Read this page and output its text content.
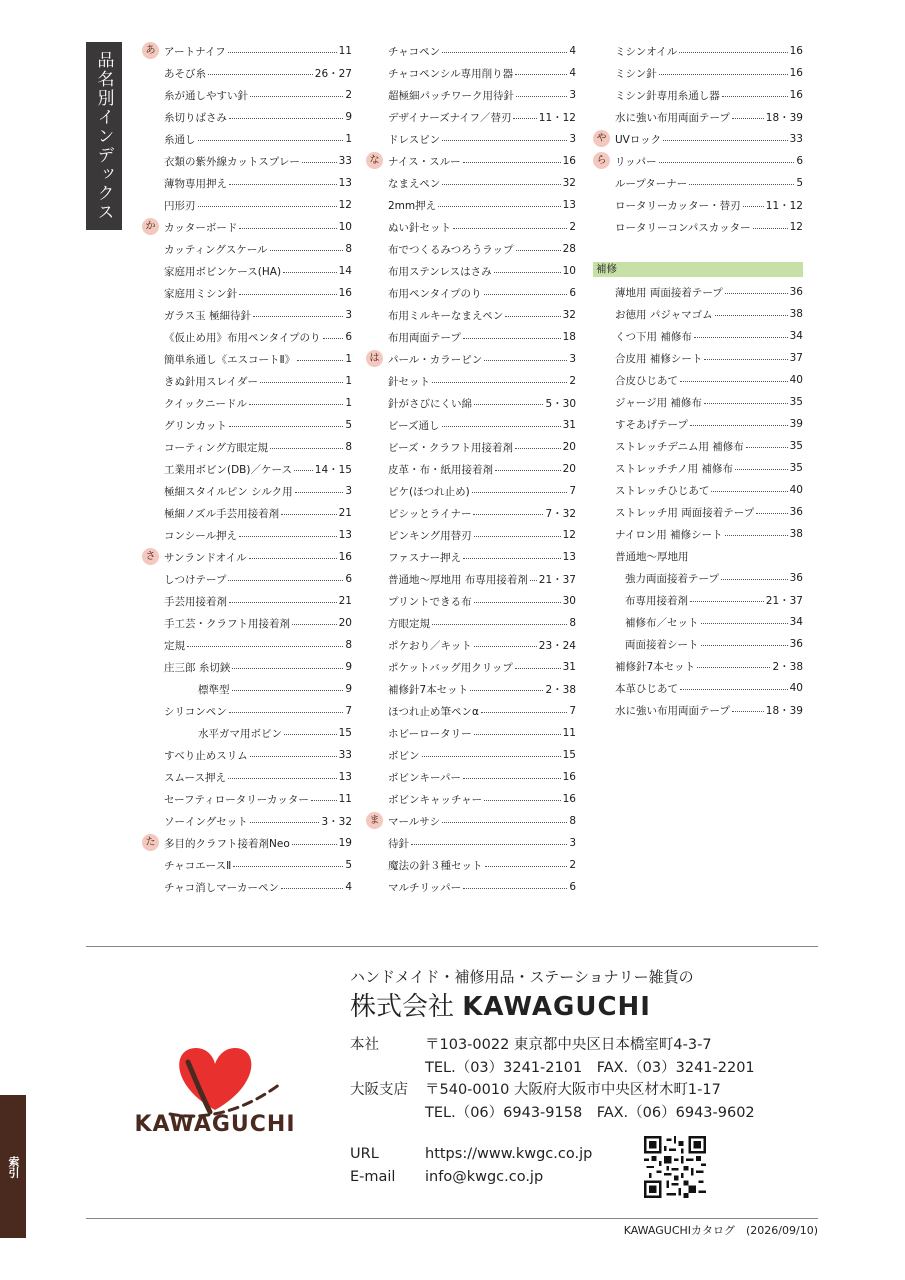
品名別インデックス	あ アートナイフ	11
あそび糸	26・27
糸が通しやすい針	2
糸切りばさみ	9
糸通し	1
衣類の紫外線カットスプレー	33
薄物専用押え	13
円形刃	12
か カッターボード	10
カッティングスケール	8
家庭用ボビンケース(HA)	14
家庭用ミシン針	16
ガラス玉 極細待針	3
《仮止め用》布用ペンタイプのり 6
簡単糸通し《エスコートⅡ》	1
きぬ針用スレイダー	1
クイックニードル	1
グリンカット	5
コーティング方眼定規	8
工業用ボビン(DB)／ケース 14・15
極細スタイルピン シルク用	3
極細ノズル手芸用接着剤	21
コンシール押え	13
さ サンランドオイル	16
しつけテープ	6
手芸用接着剤	21
手工芸・クラフト用接着剤	20
定規	8
庄三郎 糸切鋏	9
標準型	9
シリコンペン	7
水平ガマ用ボビン	15
すべり止めスリム	33
スムース押え	13
セーフティロータリーカッター	11
ソーイングセット	3・32
た 多目的クラフト接着剤Neo	19
チャコエースⅡ	5
チャコ消しマーカーペン	4
チャコペン	4
チャコペンシル専用削り器	4
超極細パッチワーク用待針	3
デザイナーズナイフ／替刃	11・12
ドレスピン	3
な ナイス・スルー	16
なまえペン	32
2mm押え	13
ぬい針セット	2
布でつくるみつろうラップ	28
布用ステンレスはさみ	10
布用ペンタイプのり	6
布用ミルキーなまえペン	32
布用両面テープ	18
は パール・カラーピン	3
針セット	2
針がさびにくい綿	5・30
ビーズ通し	31
ビーズ・クラフト用接着剤	20
皮革・布・紙用接着剤	20
ピケ(ほつれ止め)	7
ピシッとライナー	7・32
ピンキング用替刃	12
ファスナー押え	13
普通地～厚地用 布専用接着剤 21・37
プリントできる布	30
方眼定規	8
ポケおり／キット	23・24
ポケットバッグ用クリップ	31
補修針7本セット	2・38
ほつれ止め筆ペンα	7
ホビーロータリー	11
ボビン	15
ボビンキーパー	16
ボビンキャッチャー	16
ま マールサシ	8
待針	3
魔法の針３種セット	2
マルチリッパー	6
ミシンオイル	16
ミシン針	16
ミシン針専用糸通し器	16
水に強い布用両面テープ	18・39
や UVロック	33
ら リッパー	6
ループターナー	5
ロータリーカッター・替刃 11・12
ロータリーコンパスカッター	12
補修
薄地用 両面接着テープ	36
お徳用 パジャマゴム	38
くつ下用 補修布	34
合皮用 補修シート	37
合皮ひじあて	40
ジャージ用 補修布	35
すそあげテープ	39
ストレッチデニム用 補修布	35
ストレッチチノ用 補修布	35
ストレッチひじあて	40
ストレッチ用 両面接着テープ	36
ナイロン用 補修シート	38
普通地～厚地用
強力両面接着テープ	36
布専用接着剤	21・37
補修布／セット	34
両面接着シート	36
補修針7本セット	2・38
本革ひじあて	40
水に強い布用両面テープ	18・39
KAWAGUCHI
ハンドメイド・補修用品・ステーショナリー雑貨の
株式会社 KAWAGUCHI
本社	〒103-0022 東京都中央区日本橋室町4-3-7
TEL.（03）3241-2101　FAX.（03）3241-2201
大阪支店 〒540-0010 大阪府大阪市中央区材木町1-17
TEL.（06）6943-9158　FAX.（06）6943-9602
URL	https://www.kwgc.co.jp
E-mail info@kwgc.co.jp
索引
KAWAGUCHIカタログ　(2026/09/10)
